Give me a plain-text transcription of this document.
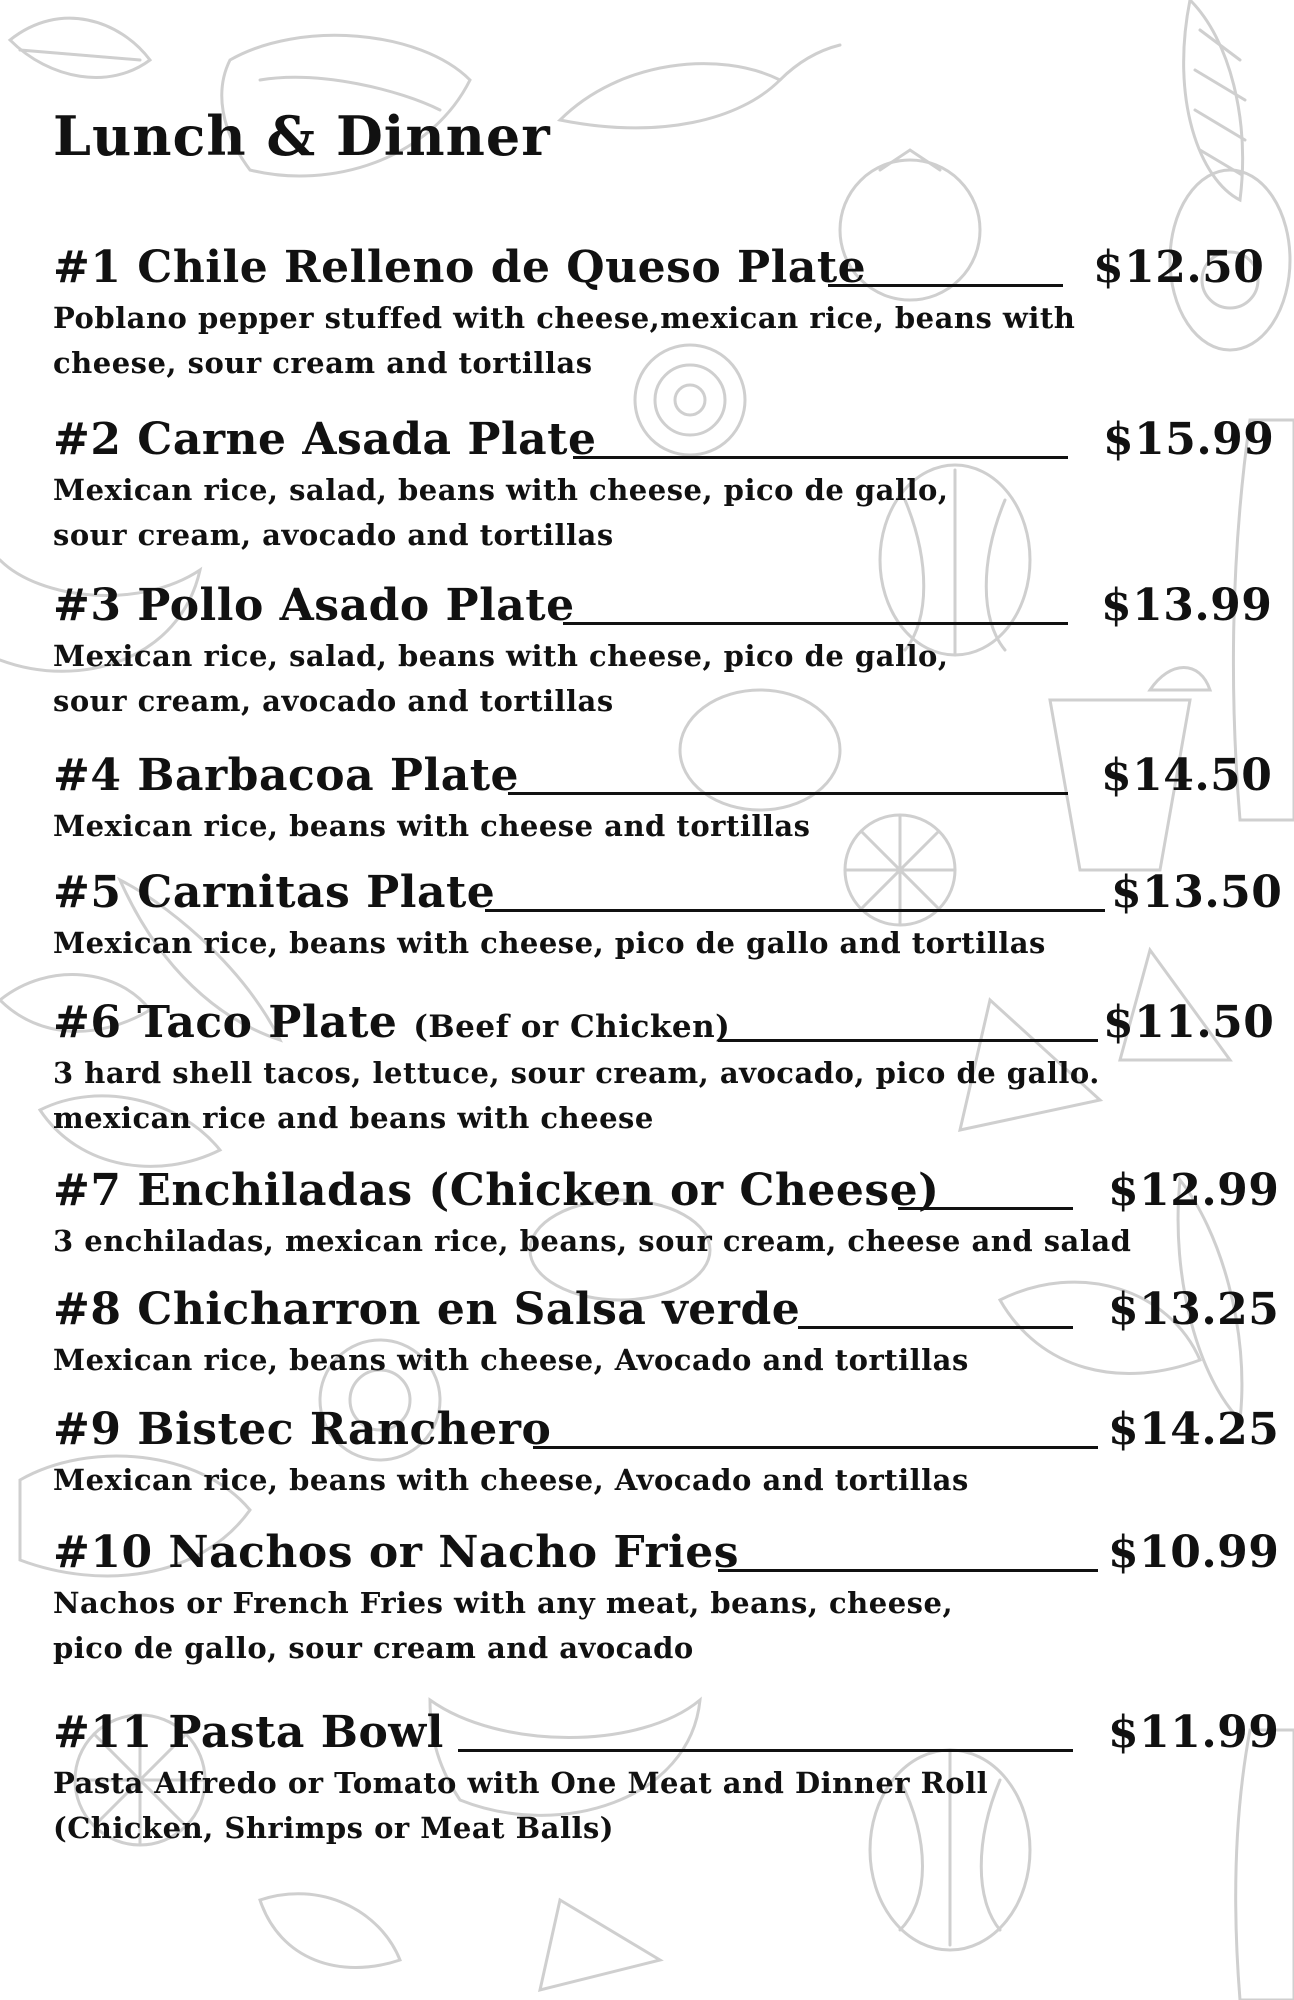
Lunch & Dinner
#1 Chile Relleno de Queso Plate	$12.50

Poblano pepper stuffed with cheese,mexican rice, beans with
cheese, sour cream and tortillas

#2 Carne Asada Plate	$15.99

Mexican rice, salad, beans with cheese, pico de gallo,
sour cream, avocado and tortillas

#3 Pollo Asado Plate	$13.99

Mexican rice, salad, beans with cheese, pico de gallo,
sour cream, avocado and tortillas

#4 Barbacoa Plate	$14.50

Mexican rice, beans with cheese and tortillas

#5 Carnitas Plate	$13.50

Mexican rice, beans with cheese, pico de gallo and tortillas

#6 Taco Plate (Beef or Chicken)	$11.50

3 hard shell tacos, lettuce, sour cream, avocado, pico de gallo.
mexican rice and beans with cheese

#7 Enchiladas (Chicken or Cheese)	$12.99

3 enchiladas, mexican rice, beans, sour cream, cheese and salad

#8 Chicharron en Salsa verde	$13.25

Mexican rice, beans with cheese, Avocado and tortillas

#9 Bistec Ranchero	$14.25

Mexican rice, beans with cheese, Avocado and tortillas

#10 Nachos or Nacho Fries	$10.99

Nachos or French Fries with any meat, beans, cheese,
pico de gallo, sour cream and avocado

#11 Pasta Bowl	$11.99

Pasta Alfredo or Tomato with One Meat and Dinner Roll
(Chicken, Shrimps or Meat Balls)
